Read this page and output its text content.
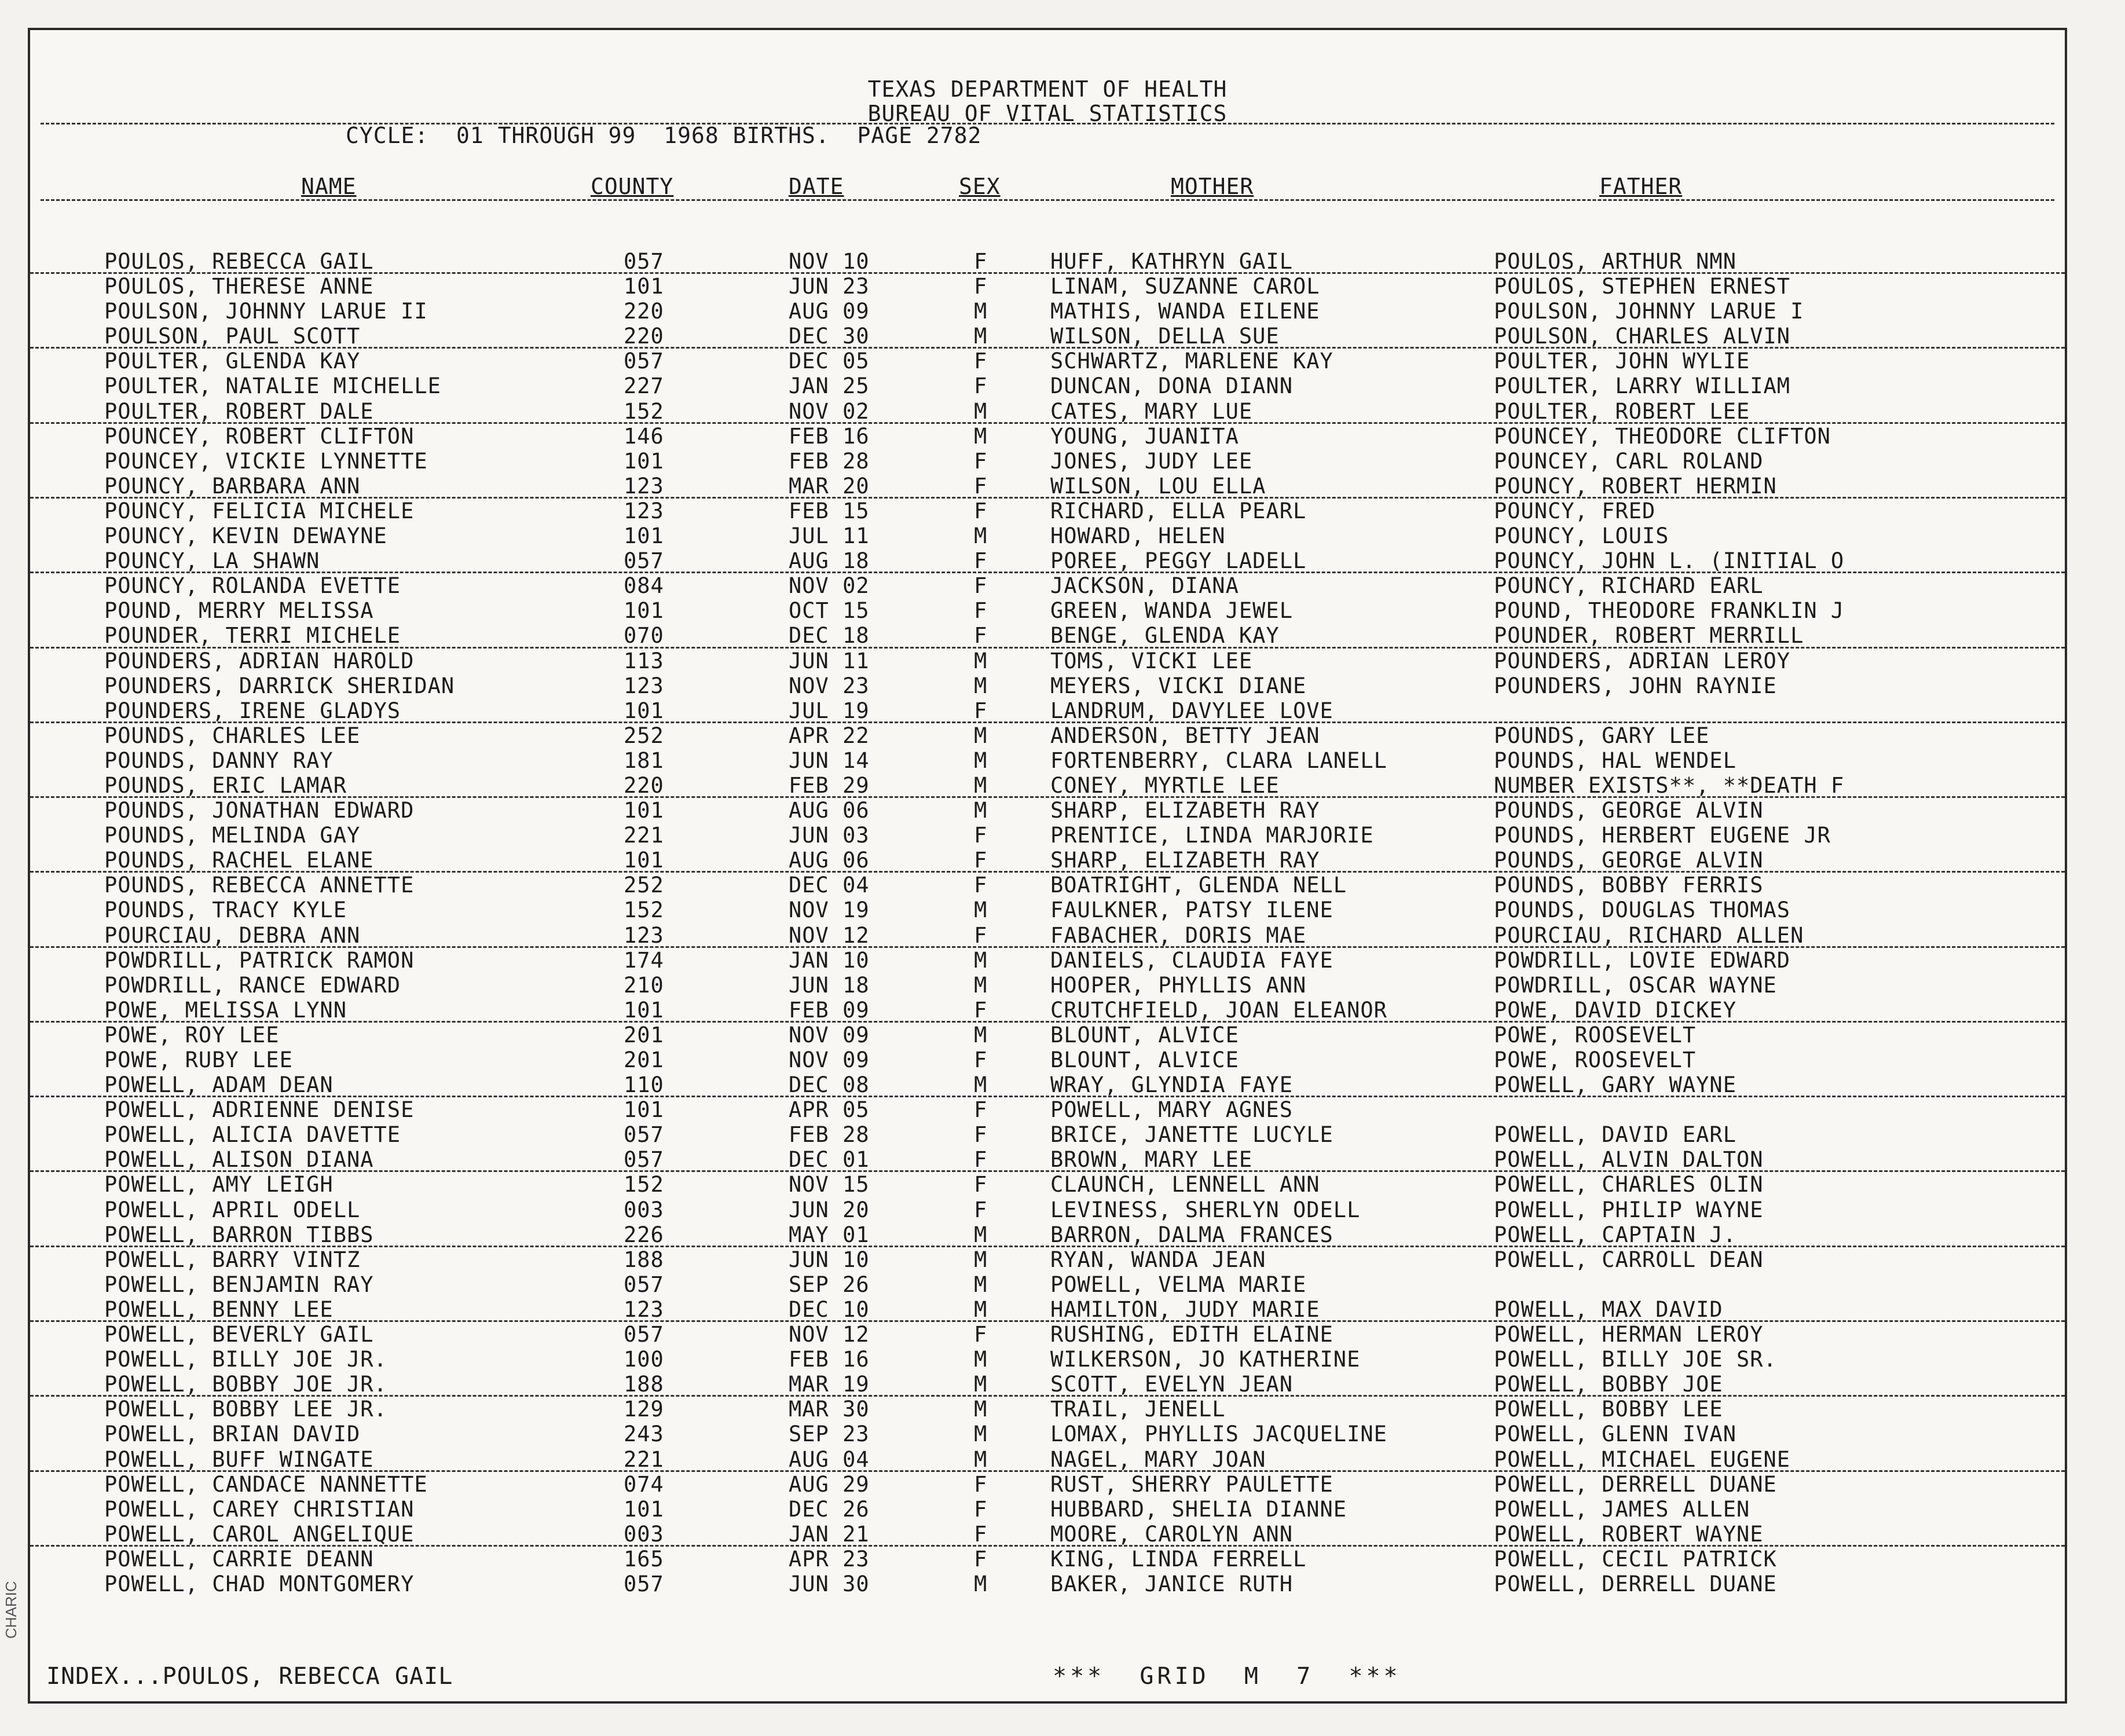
TEXAS DEPARTMENT OF HEALTH
BUREAU OF VITAL STATISTICS
CYCLE:  01 THROUGH 99  1968 BIRTHS.  PAGE 2782
NAME	COUNTY	DATE	SEX	MOTHER	FATHER
POULOS, REBECCA GAIL	057	NOV 10	F	HUFF, KATHRYN GAIL	POULOS, ARTHUR NMN
POULOS, THERESE ANNE	101	JUN 23	F	LINAM, SUZANNE CAROL	POULOS, STEPHEN ERNEST
POULSON, JOHNNY LARUE II	220	AUG 09	M	MATHIS, WANDA EILENE	POULSON, JOHNNY LARUE I
POULSON, PAUL SCOTT	220	DEC 30	M	WILSON, DELLA SUE	POULSON, CHARLES ALVIN
POULTER, GLENDA KAY	057	DEC 05	F	SCHWARTZ, MARLENE KAY	POULTER, JOHN WYLIE
POULTER, NATALIE MICHELLE	227	JAN 25	F	DUNCAN, DONA DIANN	POULTER, LARRY WILLIAM
POULTER, ROBERT DALE	152	NOV 02	M	CATES, MARY LUE	POULTER, ROBERT LEE
POUNCEY, ROBERT CLIFTON	146	FEB 16	M	YOUNG, JUANITA	POUNCEY, THEODORE CLIFTON
POUNCEY, VICKIE LYNNETTE	101	FEB 28	F	JONES, JUDY LEE	POUNCEY, CARL ROLAND
POUNCY, BARBARA ANN	123	MAR 20	F	WILSON, LOU ELLA	POUNCY, ROBERT HERMIN
POUNCY, FELICIA MICHELE	123	FEB 15	F	RICHARD, ELLA PEARL	POUNCY, FRED
POUNCY, KEVIN DEWAYNE	101	JUL 11	M	HOWARD, HELEN	POUNCY, LOUIS
POUNCY, LA SHAWN	057	AUG 18	F	POREE, PEGGY LADELL	POUNCY, JOHN L. (INITIAL O
POUNCY, ROLANDA EVETTE	084	NOV 02	F	JACKSON, DIANA	POUNCY, RICHARD EARL
POUND, MERRY MELISSA	101	OCT 15	F	GREEN, WANDA JEWEL	POUND, THEODORE FRANKLIN J
POUNDER, TERRI MICHELE	070	DEC 18	F	BENGE, GLENDA KAY	POUNDER, ROBERT MERRILL
POUNDERS, ADRIAN HAROLD	113	JUN 11	M	TOMS, VICKI LEE	POUNDERS, ADRIAN LEROY
POUNDERS, DARRICK SHERIDAN	123	NOV 23	M	MEYERS, VICKI DIANE	POUNDERS, JOHN RAYNIE
POUNDERS, IRENE GLADYS	101	JUL 19	F	LANDRUM, DAVYLEE LOVE
POUNDS, CHARLES LEE	252	APR 22	M	ANDERSON, BETTY JEAN	POUNDS, GARY LEE
POUNDS, DANNY RAY	181	JUN 14	M	FORTENBERRY, CLARA LANELL	POUNDS, HAL WENDEL
POUNDS, ERIC LAMAR	220	FEB 29	M	CONEY, MYRTLE LEE	NUMBER EXISTS**, **DEATH F
POUNDS, JONATHAN EDWARD	101	AUG 06	M	SHARP, ELIZABETH RAY	POUNDS, GEORGE ALVIN
POUNDS, MELINDA GAY	221	JUN 03	F	PRENTICE, LINDA MARJORIE	POUNDS, HERBERT EUGENE JR
POUNDS, RACHEL ELANE	101	AUG 06	F	SHARP, ELIZABETH RAY	POUNDS, GEORGE ALVIN
POUNDS, REBECCA ANNETTE	252	DEC 04	F	BOATRIGHT, GLENDA NELL	POUNDS, BOBBY FERRIS
POUNDS, TRACY KYLE	152	NOV 19	M	FAULKNER, PATSY ILENE	POUNDS, DOUGLAS THOMAS
POURCIAU, DEBRA ANN	123	NOV 12	F	FABACHER, DORIS MAE	POURCIAU, RICHARD ALLEN
POWDRILL, PATRICK RAMON	174	JAN 10	M	DANIELS, CLAUDIA FAYE	POWDRILL, LOVIE EDWARD
POWDRILL, RANCE EDWARD	210	JUN 18	M	HOOPER, PHYLLIS ANN	POWDRILL, OSCAR WAYNE
POWE, MELISSA LYNN	101	FEB 09	F	CRUTCHFIELD, JOAN ELEANOR	POWE, DAVID DICKEY
POWE, ROY LEE	201	NOV 09	M	BLOUNT, ALVICE	POWE, ROOSEVELT
POWE, RUBY LEE	201	NOV 09	F	BLOUNT, ALVICE	POWE, ROOSEVELT
POWELL, ADAM DEAN	110	DEC 08	M	WRAY, GLYNDIA FAYE	POWELL, GARY WAYNE
POWELL, ADRIENNE DENISE	101	APR 05	F	POWELL, MARY AGNES
POWELL, ALICIA DAVETTE	057	FEB 28	F	BRICE, JANETTE LUCYLE	POWELL, DAVID EARL
POWELL, ALISON DIANA	057	DEC 01	F	BROWN, MARY LEE	POWELL, ALVIN DALTON
POWELL, AMY LEIGH	152	NOV 15	F	CLAUNCH, LENNELL ANN	POWELL, CHARLES OLIN
POWELL, APRIL ODELL	003	JUN 20	F	LEVINESS, SHERLYN ODELL	POWELL, PHILIP WAYNE
POWELL, BARRON TIBBS	226	MAY 01	M	BARRON, DALMA FRANCES	POWELL, CAPTAIN J.
POWELL, BARRY VINTZ	188	JUN 10	M	RYAN, WANDA JEAN	POWELL, CARROLL DEAN
POWELL, BENJAMIN RAY	057	SEP 26	M	POWELL, VELMA MARIE
POWELL, BENNY LEE	123	DEC 10	M	HAMILTON, JUDY MARIE	POWELL, MAX DAVID
POWELL, BEVERLY GAIL	057	NOV 12	F	RUSHING, EDITH ELAINE	POWELL, HERMAN LEROY
POWELL, BILLY JOE JR.	100	FEB 16	M	WILKERSON, JO KATHERINE	POWELL, BILLY JOE SR.
POWELL, BOBBY JOE JR.	188	MAR 19	M	SCOTT, EVELYN JEAN	POWELL, BOBBY JOE
POWELL, BOBBY LEE JR.	129	MAR 30	M	TRAIL, JENELL	POWELL, BOBBY LEE
POWELL, BRIAN DAVID	243	SEP 23	M	LOMAX, PHYLLIS JACQUELINE	POWELL, GLENN IVAN
POWELL, BUFF WINGATE	221	AUG 04	M	NAGEL, MARY JOAN	POWELL, MICHAEL EUGENE
POWELL, CANDACE NANNETTE	074	AUG 29	F	RUST, SHERRY PAULETTE	POWELL, DERRELL DUANE
POWELL, CAREY CHRISTIAN	101	DEC 26	F	HUBBARD, SHELIA DIANNE	POWELL, JAMES ALLEN
POWELL, CAROL ANGELIQUE	003	JAN 21	F	MOORE, CAROLYN ANN	POWELL, ROBERT WAYNE
POWELL, CARRIE DEANN	165	APR 23	F	KING, LINDA FERRELL	POWELL, CECIL PATRICK
POWELL, CHAD MONTGOMERY	057	JUN 30	M	BAKER, JANICE RUTH	POWELL, DERRELL DUANE
INDEX...POULOS, REBECCA GAIL	***  GRID  M  7  ***
CHARIC
